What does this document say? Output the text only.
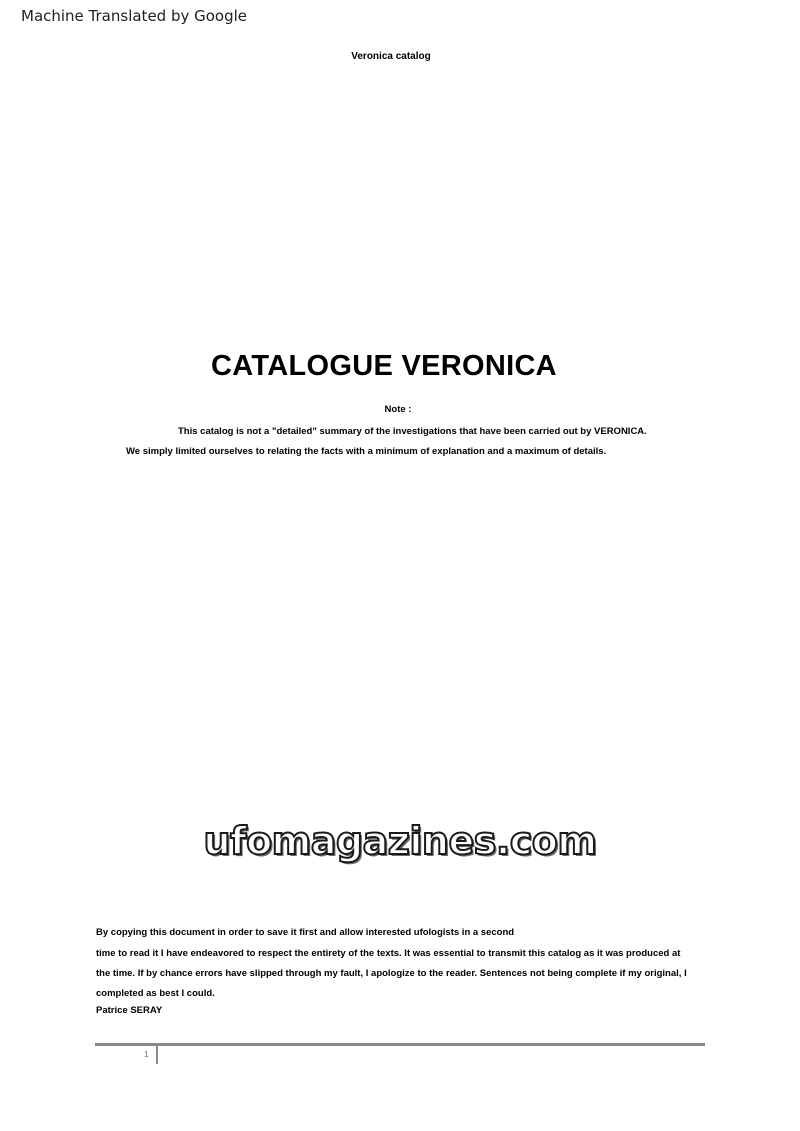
Machine Translated by Google
Veronica catalog
CATALOGUE VERONICA
Note :
This catalog is not a "detailed" summary of the investigations that have been carried out by VERONICA.
We simply limited ourselves to relating the facts with a minimum of explanation and a maximum of details.
ufomagazines.com
By copying this document in order to save it first and allow interested ufologists in a second
time to read it I have endeavored to respect the entirety of the texts. It was essential to transmit this catalog as it was produced at
the time. If by chance errors have slipped through my fault, I apologize to the reader. Sentences not being complete if my original, I
completed as best I could.
Patrice SERAY
1
